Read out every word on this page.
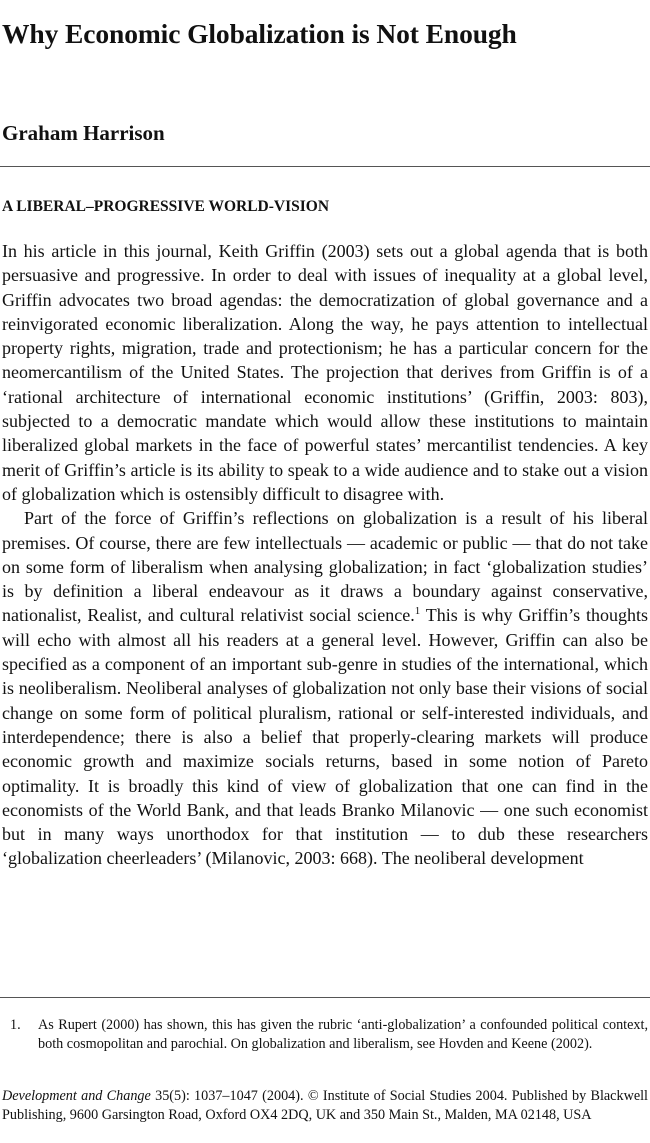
Why Economic Globalization is Not Enough
Graham Harrison
A LIBERAL–PROGRESSIVE WORLD-VISION

In his article in this journal, Keith Griffin (2003) sets out a global agenda that is both persuasive and progressive. In order to deal with issues of inequality at a global level, Griffin advocates two broad agendas: the democratization of global governance and a reinvigorated economic liberalization. Along the way, he pays attention to intellectual property rights, migration, trade and protectionism; he has a particular concern for the neomercantilism of the United States. The projection that derives from Griffin is of a ‘rational architecture of international economic institutions’ (Griffin, 2003: 803), subjected to a democratic mandate which would allow these institutions to maintain liberalized global markets in the face of powerful states’ mercantilist tendencies. A key merit of Griffin’s article is its ability to speak to a wide audience and to stake out a vision of globalization which is ostensibly difficult to disagree with.

Part of the force of Griffin’s reflections on globalization is a result of his liberal premises. Of course, there are few intellectuals — academic or public — that do not take on some form of liberalism when analysing globalization; in fact ‘globalization studies’ is by definition a liberal endeavour as it draws a boundary against conservative, nationalist, Realist, and cultural relativist social science.$^1$ This is why Griffin’s thoughts will echo with almost all his readers at a general level. However, Griffin can also be specified as a component of an important sub-genre in studies of the international, which is neoliberalism. Neoliberal analyses of globalization not only base their visions of social change on some form of political pluralism, rational or self-interested individuals, and interdependence; there is also a belief that properly-clearing markets will produce economic growth and maximize socials returns, based in some notion of Pareto optimality. It is broadly this kind of view of globalization that one can find in the economists of the World Bank, and that leads Branko Milanovic — one such economist but in many ways unorthodox for that institution — to dub these researchers ‘globalization cheerleaders’ (Milanovic, 2003: 668). The neoliberal development

1. As Rupert (2000) has shown, this has given the rubric ‘anti-globalization’ a confounded political context, both cosmopolitan and parochial. On globalization and liberalism, see Hovden and Keene (2002).

Development and Change 35(5): 1037–1047 (2004). © Institute of Social Studies 2004. Published by Blackwell Publishing, 9600 Garsington Road, Oxford OX4 2DQ, UK and 350 Main St., Malden, MA 02148, USA
